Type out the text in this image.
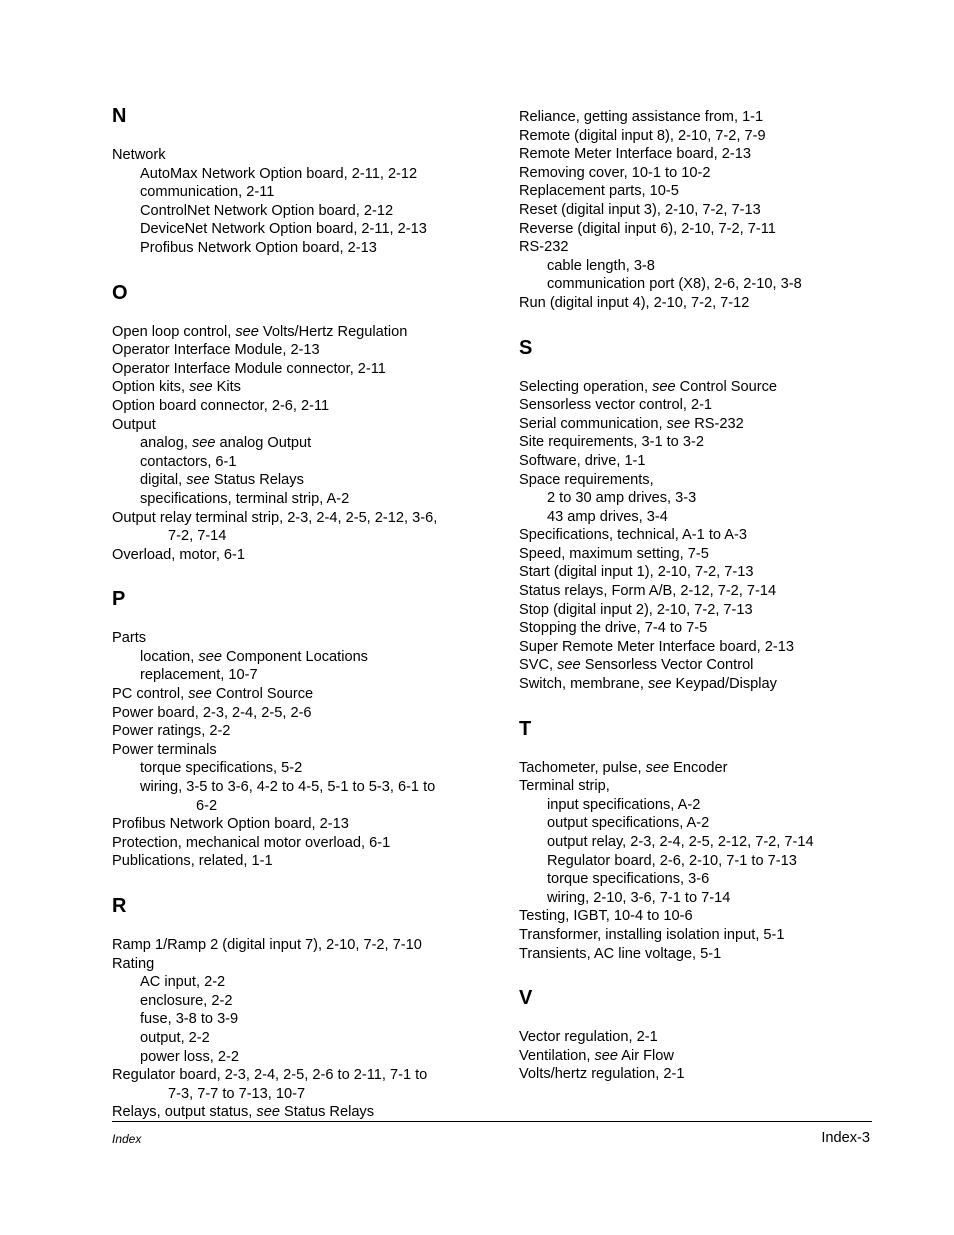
N
Network
AutoMax Network Option board, 2-11, 2-12
communication, 2-11
ControlNet Network Option board, 2-12
DeviceNet Network Option board, 2-11, 2-13
Profibus Network Option board, 2-13
O
Open loop control, see Volts/Hertz Regulation
Operator Interface Module, 2-13
Operator Interface Module connector, 2-11
Option kits, see Kits
Option board connector, 2-6, 2-11
Output
analog, see analog Output
contactors, 6-1
digital, see Status Relays
specifications, terminal strip, A-2
Output relay terminal strip, 2-3, 2-4, 2-5, 2-12, 3-6,
7-2, 7-14
Overload, motor, 6-1
P
Parts
location, see Component Locations
replacement, 10-7
PC control, see Control Source
Power board, 2-3, 2-4, 2-5, 2-6
Power ratings, 2-2
Power terminals
torque specifications, 5-2
wiring, 3-5 to 3-6, 4-2 to 4-5, 5-1 to 5-3, 6-1 to
6-2
Profibus Network Option board, 2-13
Protection, mechanical motor overload, 6-1
Publications, related, 1-1
R
Ramp 1/Ramp 2 (digital input 7), 2-10, 7-2, 7-10
Rating
AC input, 2-2
enclosure, 2-2
fuse, 3-8 to 3-9
output, 2-2
power loss, 2-2
Regulator board, 2-3, 2-4, 2-5, 2-6 to 2-11, 7-1 to
7-3, 7-7 to 7-13, 10-7
Relays, output status, see Status Relays
Reliance, getting assistance from, 1-1
Remote (digital input 8), 2-10, 7-2, 7-9
Remote Meter Interface board, 2-13
Removing cover, 10-1 to 10-2
Replacement parts, 10-5
Reset (digital input 3), 2-10, 7-2, 7-13
Reverse (digital input 6), 2-10, 7-2, 7-11
RS-232
cable length, 3-8
communication port (X8), 2-6, 2-10, 3-8
Run (digital input 4), 2-10, 7-2, 7-12
S
Selecting operation, see Control Source
Sensorless vector control, 2-1
Serial communication, see RS-232
Site requirements, 3-1 to 3-2
Software, drive, 1-1
Space requirements,
2 to 30 amp drives, 3-3
43 amp drives, 3-4
Specifications, technical, A-1 to A-3
Speed, maximum setting, 7-5
Start (digital input 1), 2-10, 7-2, 7-13
Status relays, Form A/B, 2-12, 7-2, 7-14
Stop (digital input 2), 2-10, 7-2, 7-13
Stopping the drive, 7-4 to 7-5
Super Remote Meter Interface board, 2-13
SVC, see Sensorless Vector Control
Switch, membrane, see Keypad/Display
T
Tachometer, pulse, see Encoder
Terminal strip,
input specifications, A-2
output specifications, A-2
output relay, 2-3, 2-4, 2-5, 2-12, 7-2, 7-14
Regulator board, 2-6, 2-10, 7-1 to 7-13
torque specifications, 3-6
wiring, 2-10, 3-6, 7-1 to 7-14
Testing, IGBT, 10-4 to 10-6
Transformer, installing isolation input, 5-1
Transients, AC line voltage, 5-1
V
Vector regulation, 2-1
Ventilation, see Air Flow
Volts/hertz regulation, 2-1
Index	Index-3
